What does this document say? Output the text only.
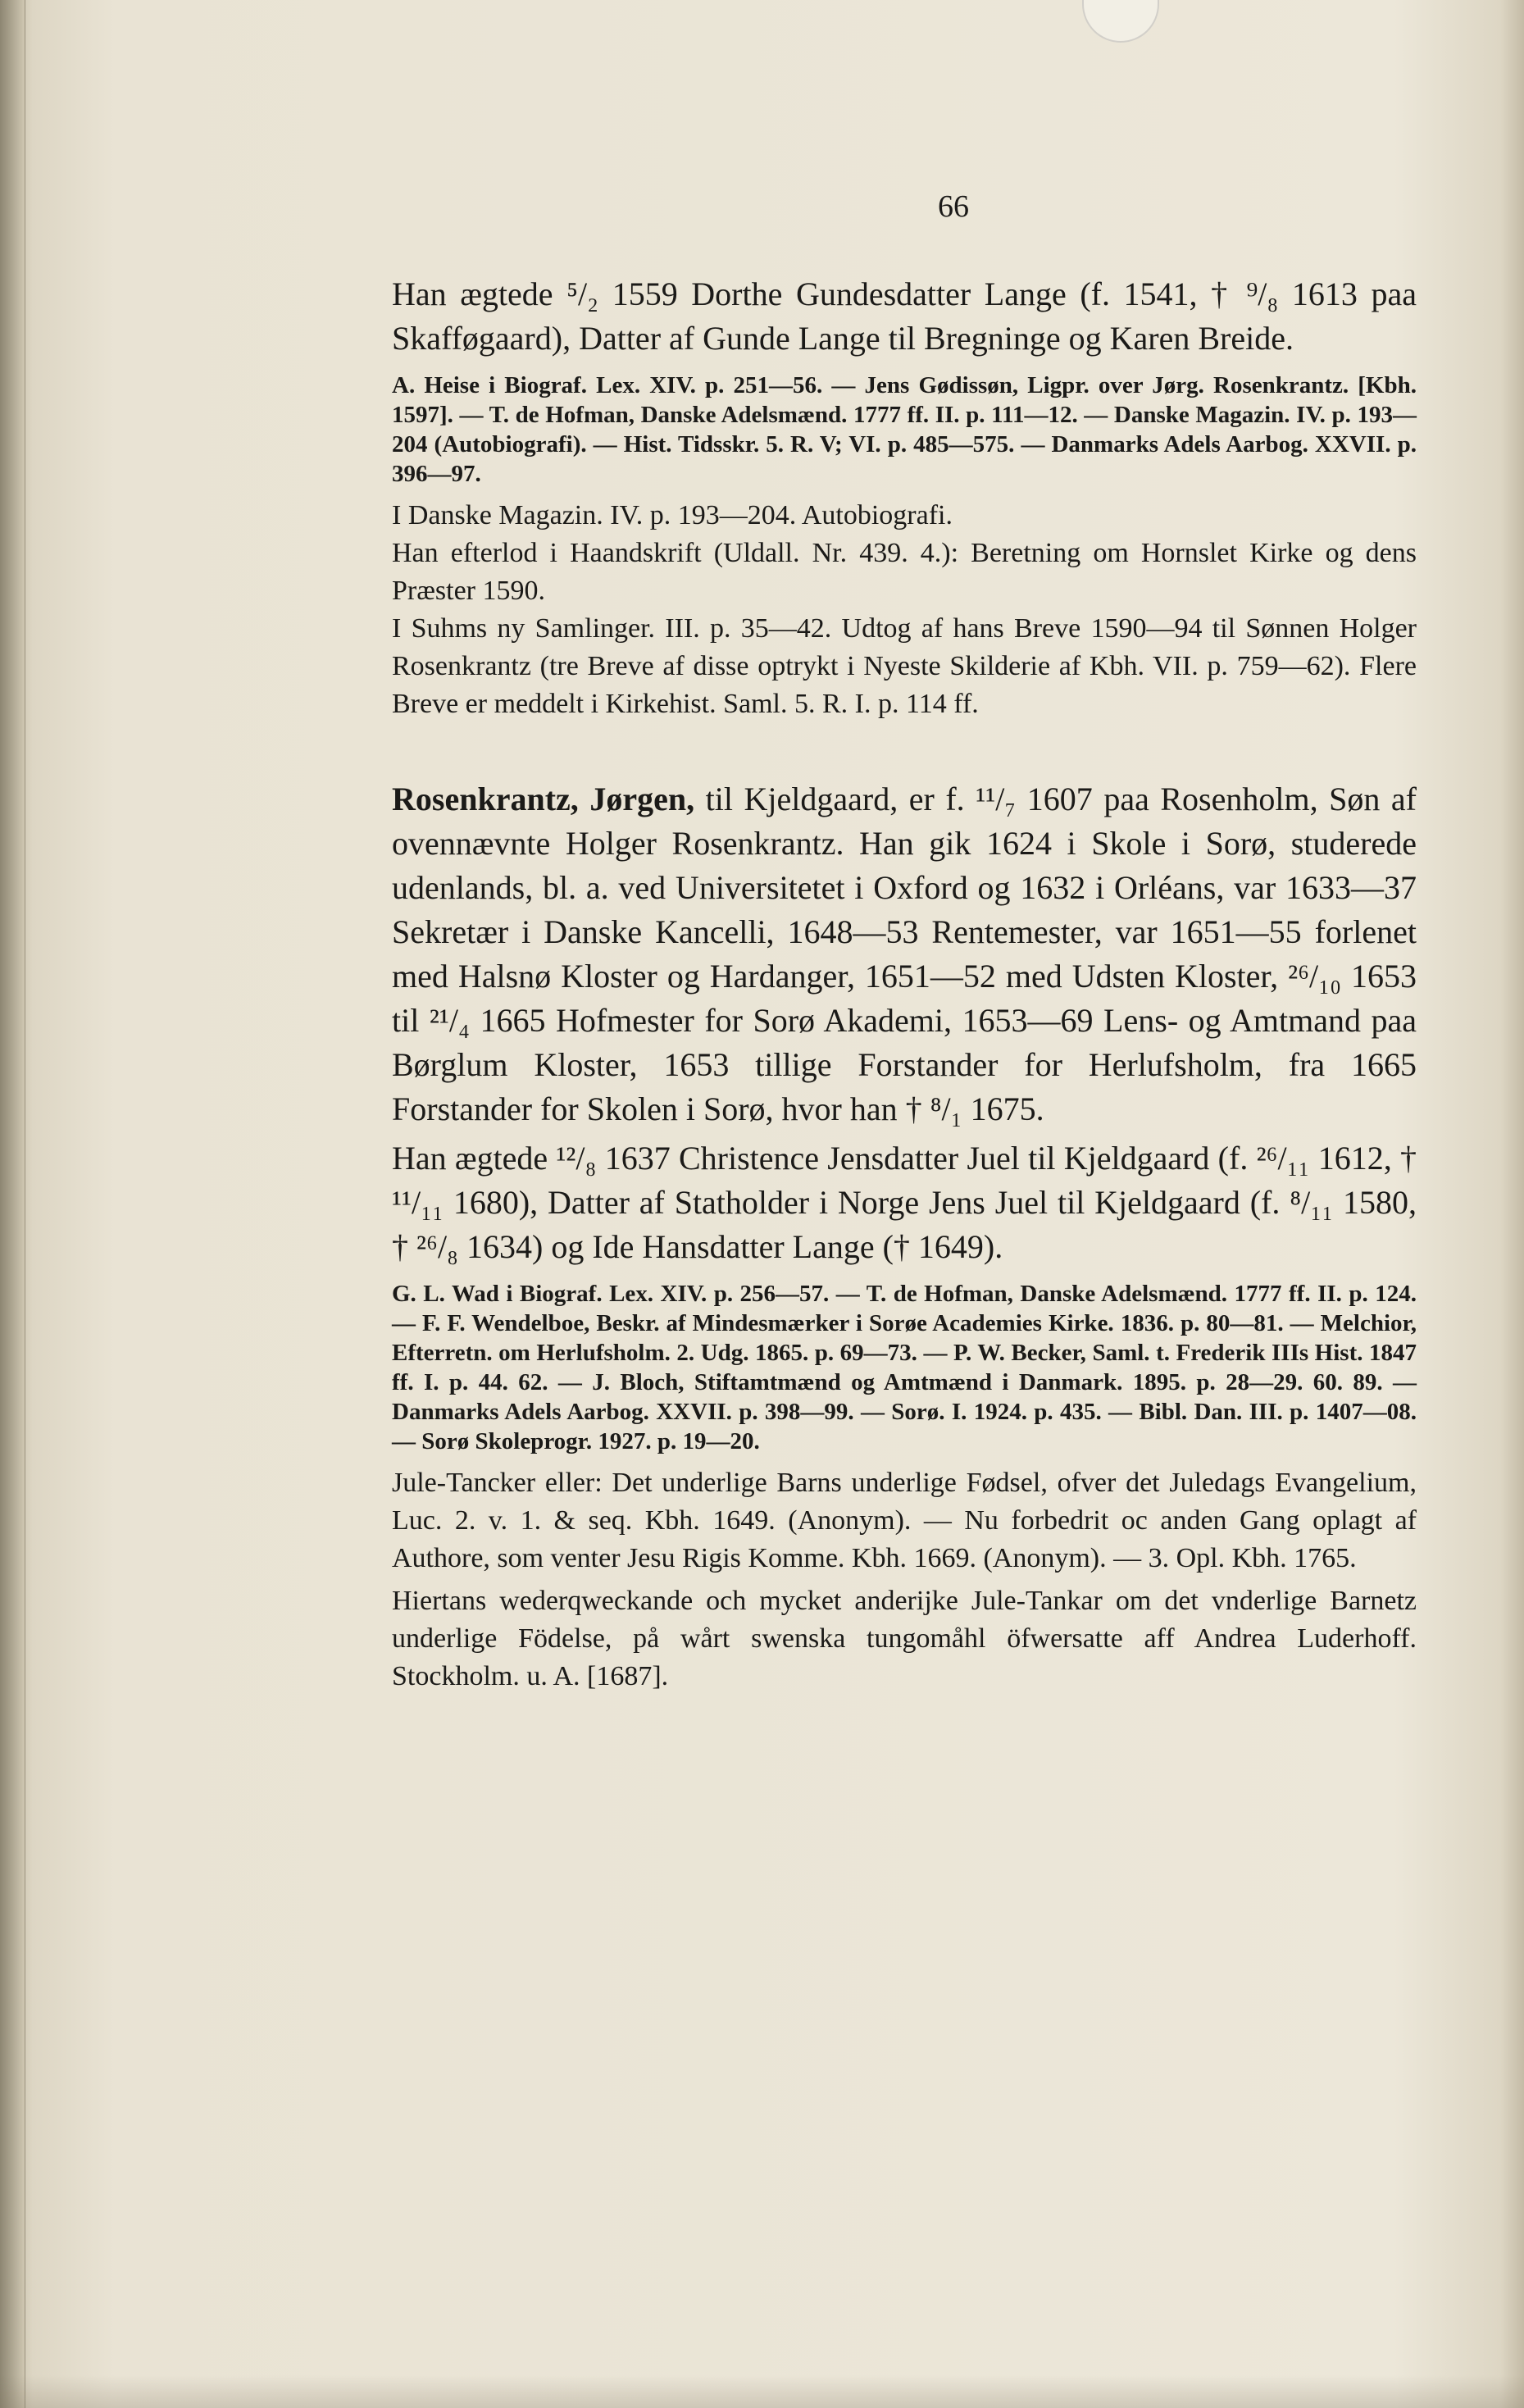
66

Han ægtede ⁵/₂ 1559 Dorthe Gundesdatter Lange (f. 1541, † ⁹/₈ 1613 paa Skafføgaard), Datter af Gunde Lange til Bregninge og Karen Breide.

A. Heise i Biograf. Lex. XIV. p. 251—56. — Jens Gødissøn, Ligpr. over Jørg. Rosenkrantz. [Kbh. 1597]. — T. de Hofman, Danske Adelsmænd. 1777 ff. II. p. 111—12. — Danske Magazin. IV. p. 193—204 (Autobiografi). — Hist. Tidsskr. 5. R. V; VI. p. 485—575. — Danmarks Adels Aarbog. XXVII. p. 396—97.

I Danske Magazin. IV. p. 193—204. Autobiografi.

Han efterlod i Haandskrift (Uldall. Nr. 439. 4.): Beretning om Hornslet Kirke og dens Præster 1590.

I Suhms ny Samlinger. III. p. 35—42. Udtog af hans Breve 1590—94 til Sønnen Holger Rosenkrantz (tre Breve af disse optrykt i Nyeste Skilderie af Kbh. VII. p. 759—62). Flere Breve er meddelt i Kirkehist. Saml. 5. R. I. p. 114 ff.

Rosenkrantz, Jørgen, til Kjeldgaard, er f. ¹¹/₇ 1607 paa Rosenholm, Søn af ovennævnte Holger Rosenkrantz. Han gik 1624 i Skole i Sorø, studerede udenlands, bl. a. ved Universitetet i Oxford og 1632 i Orléans, var 1633—37 Sekretær i Danske Kancelli, 1648—53 Rentemester, var 1651—55 forlenet med Halsnø Kloster og Hardanger, 1651—52 med Udsten Kloster, ²⁶/₁₀ 1653 til ²¹/₄ 1665 Hofmester for Sorø Akademi, 1653—69 Lens- og Amtmand paa Børglum Kloster, 1653 tillige Forstander for Herlufsholm, fra 1665 Forstander for Skolen i Sorø, hvor han † ⁸/₁ 1675.

Han ægtede ¹²/₈ 1637 Christence Jensdatter Juel til Kjeldgaard (f. ²⁶/₁₁ 1612, † ¹¹/₁₁ 1680), Datter af Statholder i Norge Jens Juel til Kjeldgaard (f. ⁸/₁₁ 1580, † ²⁶/₈ 1634) og Ide Hansdatter Lange († 1649).

G. L. Wad i Biograf. Lex. XIV. p. 256—57. — T. de Hofman, Danske Adelsmænd. 1777 ff. II. p. 124. — F. F. Wendelboe, Beskr. af Mindesmærker i Sorøe Academies Kirke. 1836. p. 80—81. — Melchior, Efterretn. om Herlufsholm. 2. Udg. 1865. p. 69—73. — P. W. Becker, Saml. t. Frederik IIIs Hist. 1847 ff. I. p. 44. 62. — J. Bloch, Stiftamtmænd og Amtmænd i Danmark. 1895. p. 28—29. 60. 89. — Danmarks Adels Aarbog. XXVII. p. 398—99. — Sorø. I. 1924. p. 435. — Bibl. Dan. III. p. 1407—08. — Sorø Skoleprogr. 1927. p. 19—20.

Jule-Tancker eller: Det underlige Barns underlige Fødsel, ofver det Juledags Evangelium, Luc. 2. v. 1. & seq. Kbh. 1649. (Anonym). — Nu forbedrit oc anden Gang oplagt af Authore, som venter Jesu Rigis Komme. Kbh. 1669. (Anonym). — 3. Opl. Kbh. 1765.

Hiertans wederqweckande och mycket anderijke Jule-Tankar om det vnderlige Barnetz underlige Födelse, på wårt swenska tungomåhl öfwersatte aff Andrea Luderhoff. Stockholm. u. A. [1687].
